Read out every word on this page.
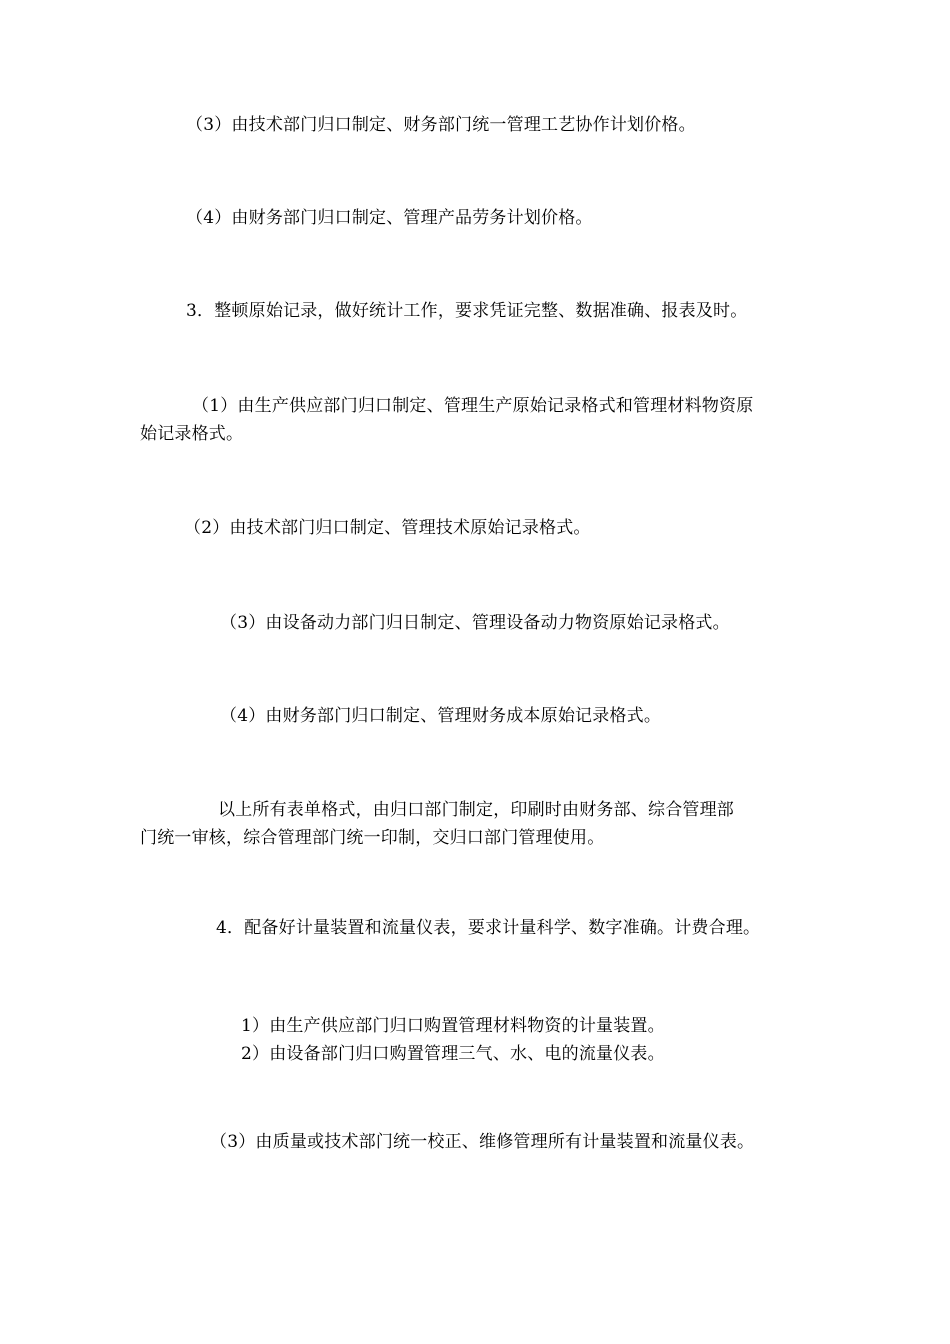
（3）由技术部门归口制定、财务部门统一管理工艺协作计划价格。
（4）由财务部门归口制定、管理产品劳务计划价格。
3．整顿原始记录，做好统计工作，要求凭证完整、数据准确、报表及时。
（1）由生产供应部门归口制定、管理生产原始记录格式和管理材料物资原
始记录格式。
（2）由技术部门归口制定、管理技术原始记录格式。
（3）由设备动力部门归日制定、管理设备动力物资原始记录格式。
（4）由财务部门归口制定、管理财务成本原始记录格式。
以上所有表单格式，由归口部门制定，印刷时由财务部、综合管理部
门统一审核，综合管理部门统一印制，交归口部门管理使用。
4．配备好计量装置和流量仪表，要求计量科学、数字准确。计费合理。
1）由生产供应部门归口购置管理材料物资的计量装置。
2）由设备部门归口购置管理三气、水、电的流量仪表。
（3）由质量或技术部门统一校正、维修管理所有计量装置和流量仪表。
